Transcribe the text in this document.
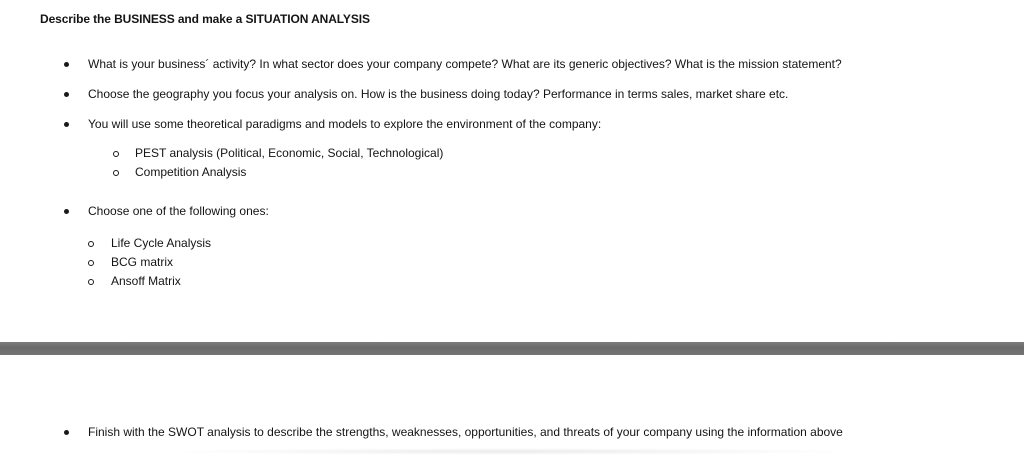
Describe the BUSINESS and make a SITUATION ANALYSIS
What is your business´ activity? In what sector does your company compete? What are its generic objectives? What is the mission statement?
Choose the geography you focus your analysis on. How is the business doing today? Performance in terms sales, market share etc.
You will use some theoretical paradigms and models to explore the environment of the company:
PEST analysis (Political, Economic, Social, Technological)
Competition Analysis
Choose one of the following ones:
Life Cycle Analysis
BCG matrix
Ansoff Matrix
Finish with the SWOT analysis to describe the strengths, weaknesses, opportunities, and threats of your company using the information above
